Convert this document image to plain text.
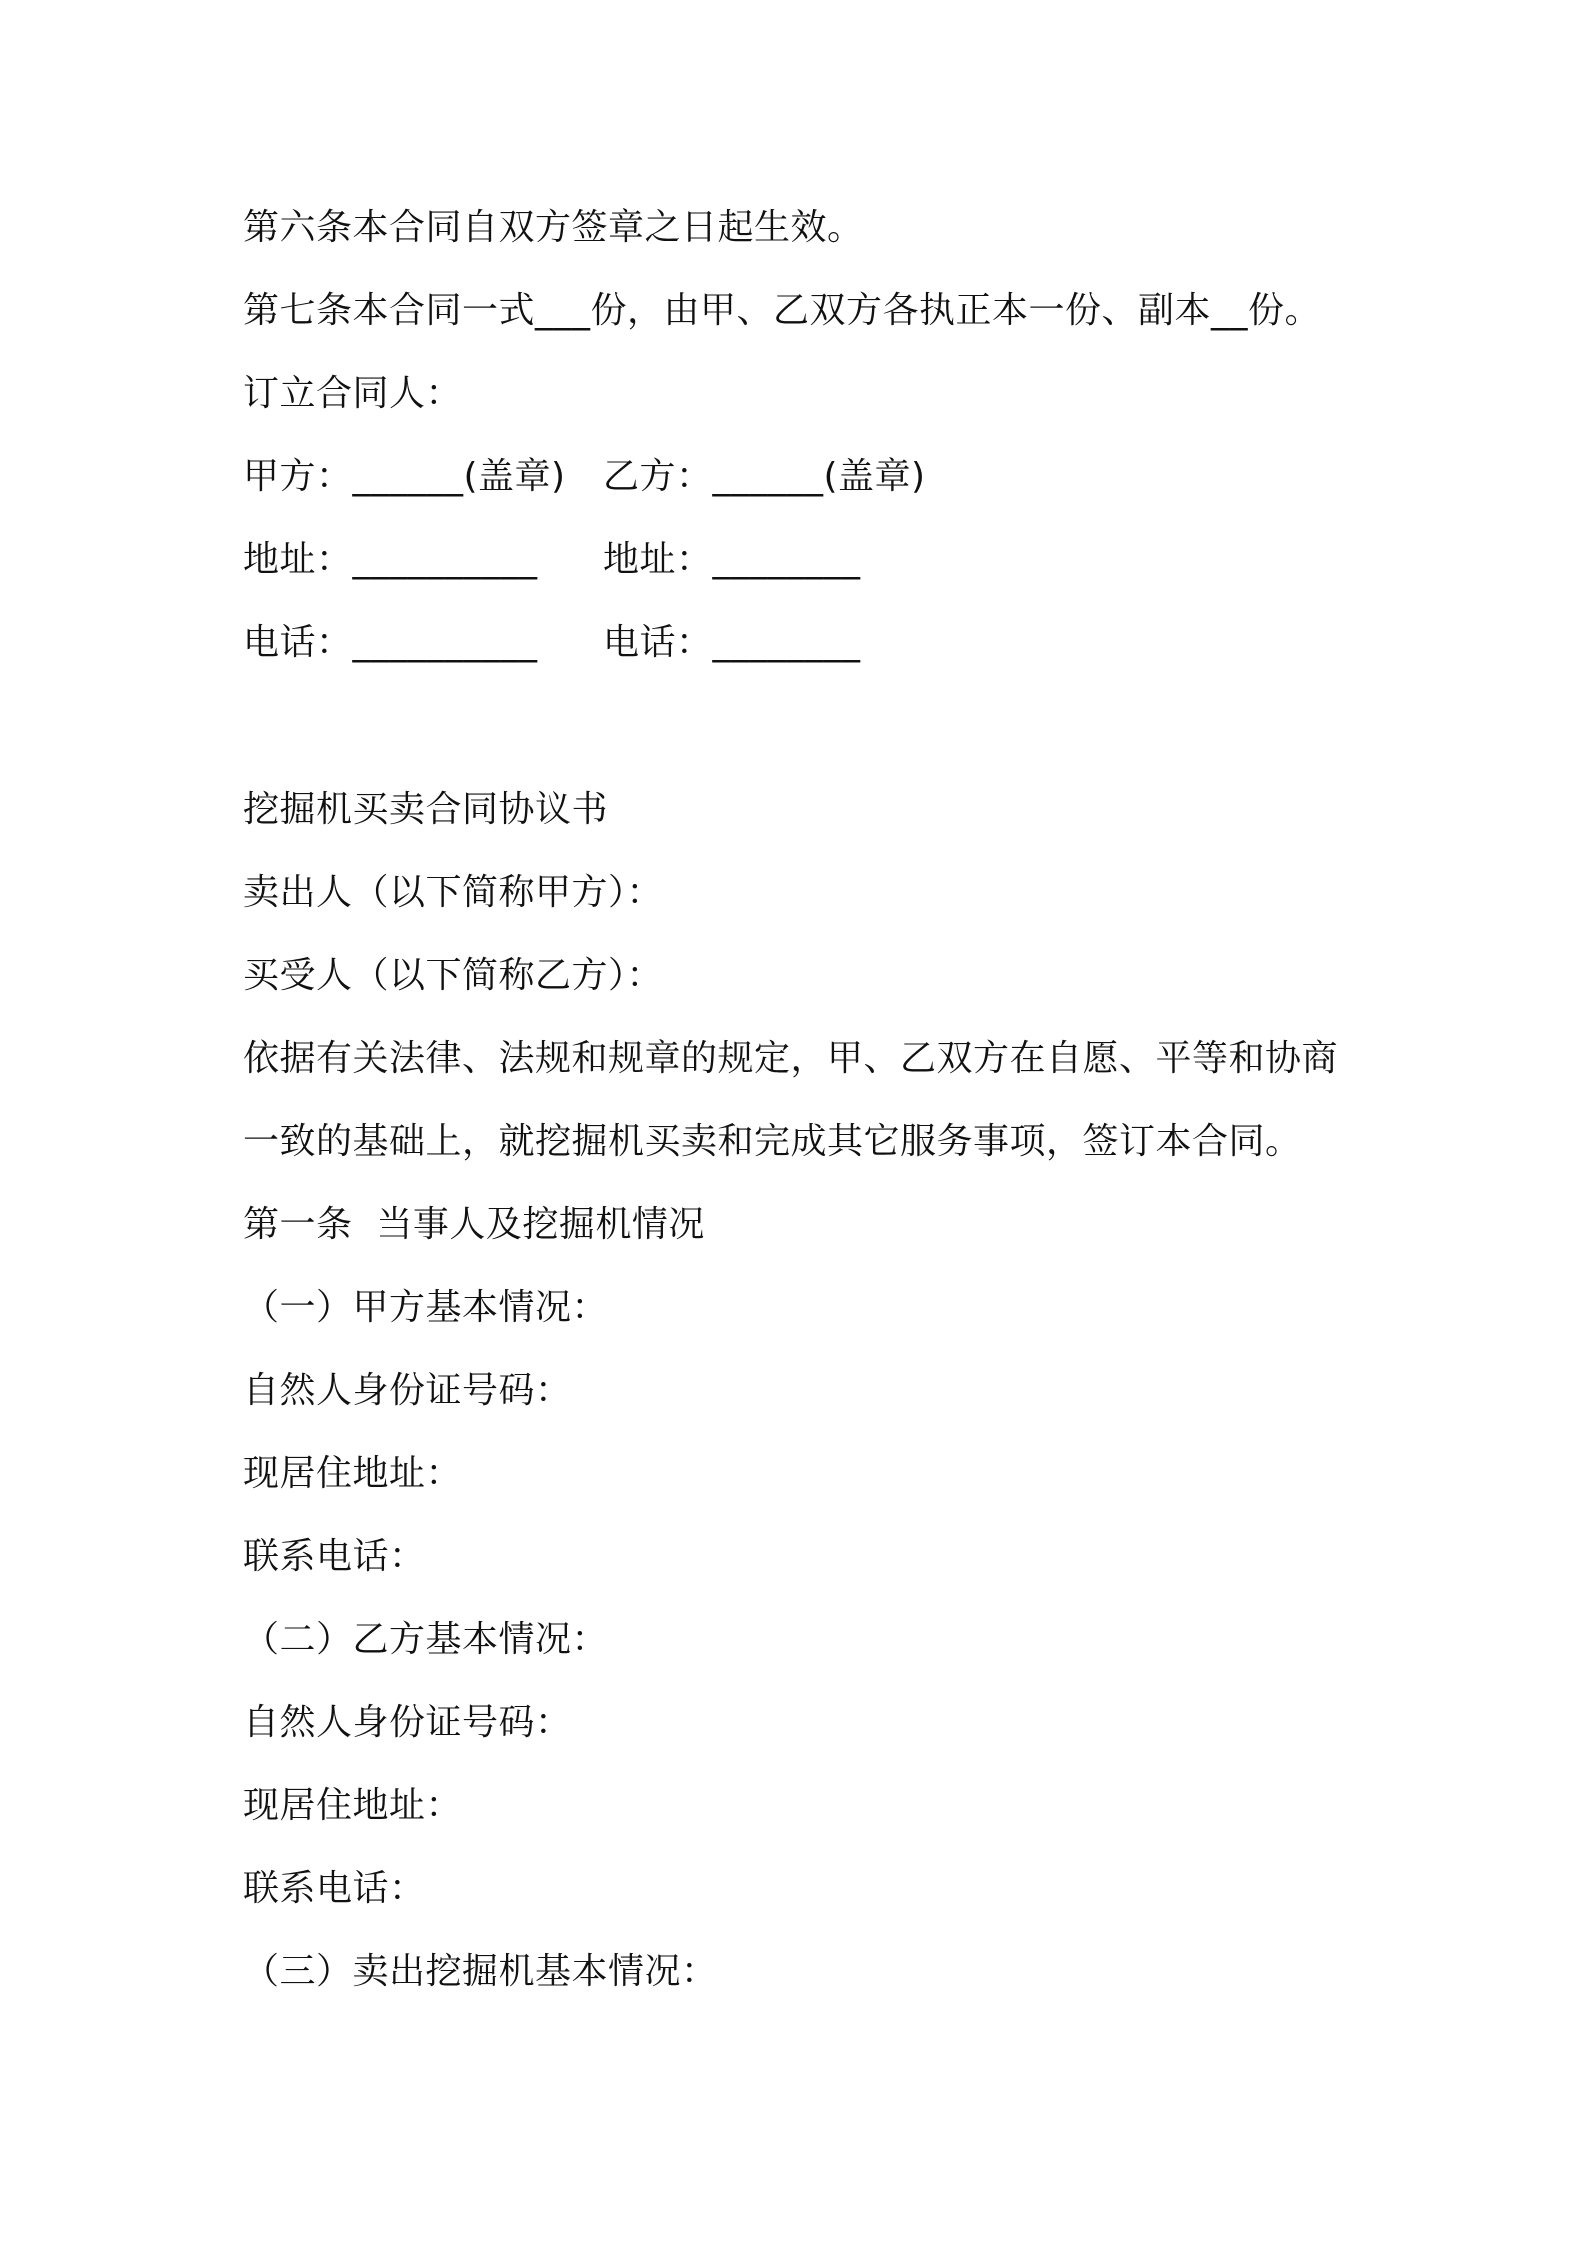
第六条本合同自双方签章之日起生效。
第七条本合同一式___份，由甲、乙双方各执正本一份、副本__份。
订立合同人：
甲方：______(盖章) 乙方：______(盖章)
地址：__________ 地址：________
电话：__________ 电话：________
挖掘机买卖合同协议书
卖出人（以下简称甲方）：
买受人（以下简称乙方）：
依据有关法律、法规和规章的规定，甲、乙双方在自愿、平等和协商
一致的基础上，就挖掘机买卖和完成其它服务事项，签订本合同。
第一条  当事人及挖掘机情况
（一）甲方基本情况：
自然人身份证号码：
现居住地址：
联系电话：
（二）乙方基本情况：
自然人身份证号码：
现居住地址：
联系电话：
（三）卖出挖掘机基本情况：
